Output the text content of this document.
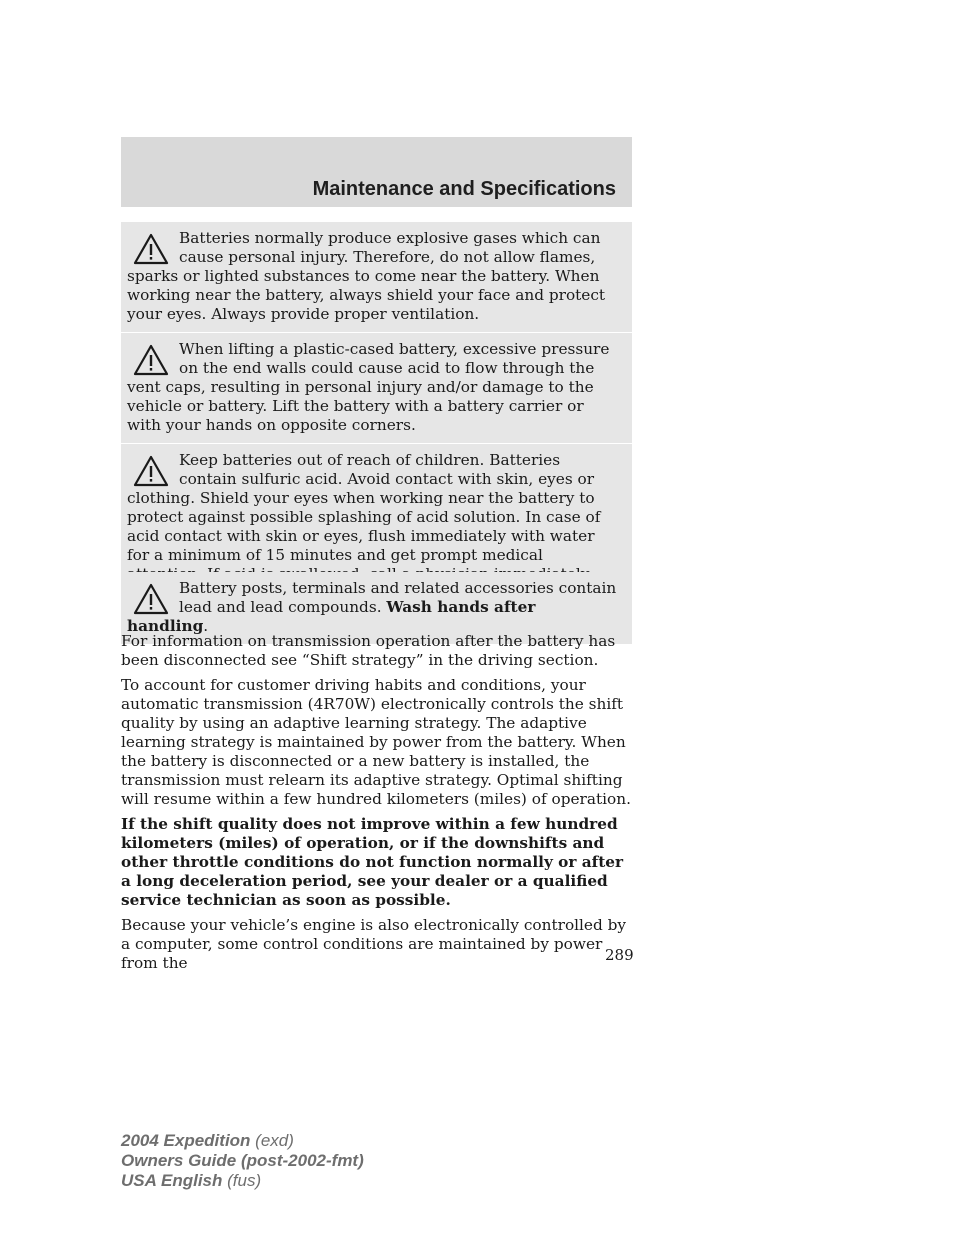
Maintenance and Specifications

Batteries normally produce explosive gases which can cause personal injury. Therefore, do not allow flames, sparks or lighted substances to come near the battery. When working near the battery, always shield your face and protect your eyes. Always provide proper ventilation.

When lifting a plastic-cased battery, excessive pressure on the end walls could cause acid to flow through the vent caps, resulting in personal injury and/or damage to the vehicle or battery. Lift the battery with a battery carrier or with your hands on opposite corners.

Keep batteries out of reach of children. Batteries contain sulfuric acid. Avoid contact with skin, eyes or clothing. Shield your eyes when working near the battery to protect against possible splashing of acid solution. In case of acid contact with skin or eyes, flush immediately with water for a minimum of 15 minutes and get prompt medical

Battery posts, terminals and related accessories contain lead and lead compounds. Wash hands after handling.

For information on transmission operation after the battery has been disconnected see “Shift strategy” in the driving section.

To account for customer driving habits and conditions, your automatic transmission (4R70W) electronically controls the shift quality by using an adaptive learning strategy. The adaptive learning strategy is maintained by power from the battery. When the battery is disconnected or a new battery is installed, the transmission must relearn its adaptive strategy. Optimal shifting will resume within a few hundred kilometers (miles) of operation.

If the shift quality does not improve within a few hundred kilometers (miles) of operation, or if the downshifts and other throttle conditions do not function normally or after a long deceleration period, see your dealer or a qualified service technician as soon as possible.

Because your vehicle’s engine is also electronically controlled by a computer, some control conditions are maintained by power from the	289
2004 Expedition (exd)
Owners Guide (post-2002-fmt)
USA English (fus)
